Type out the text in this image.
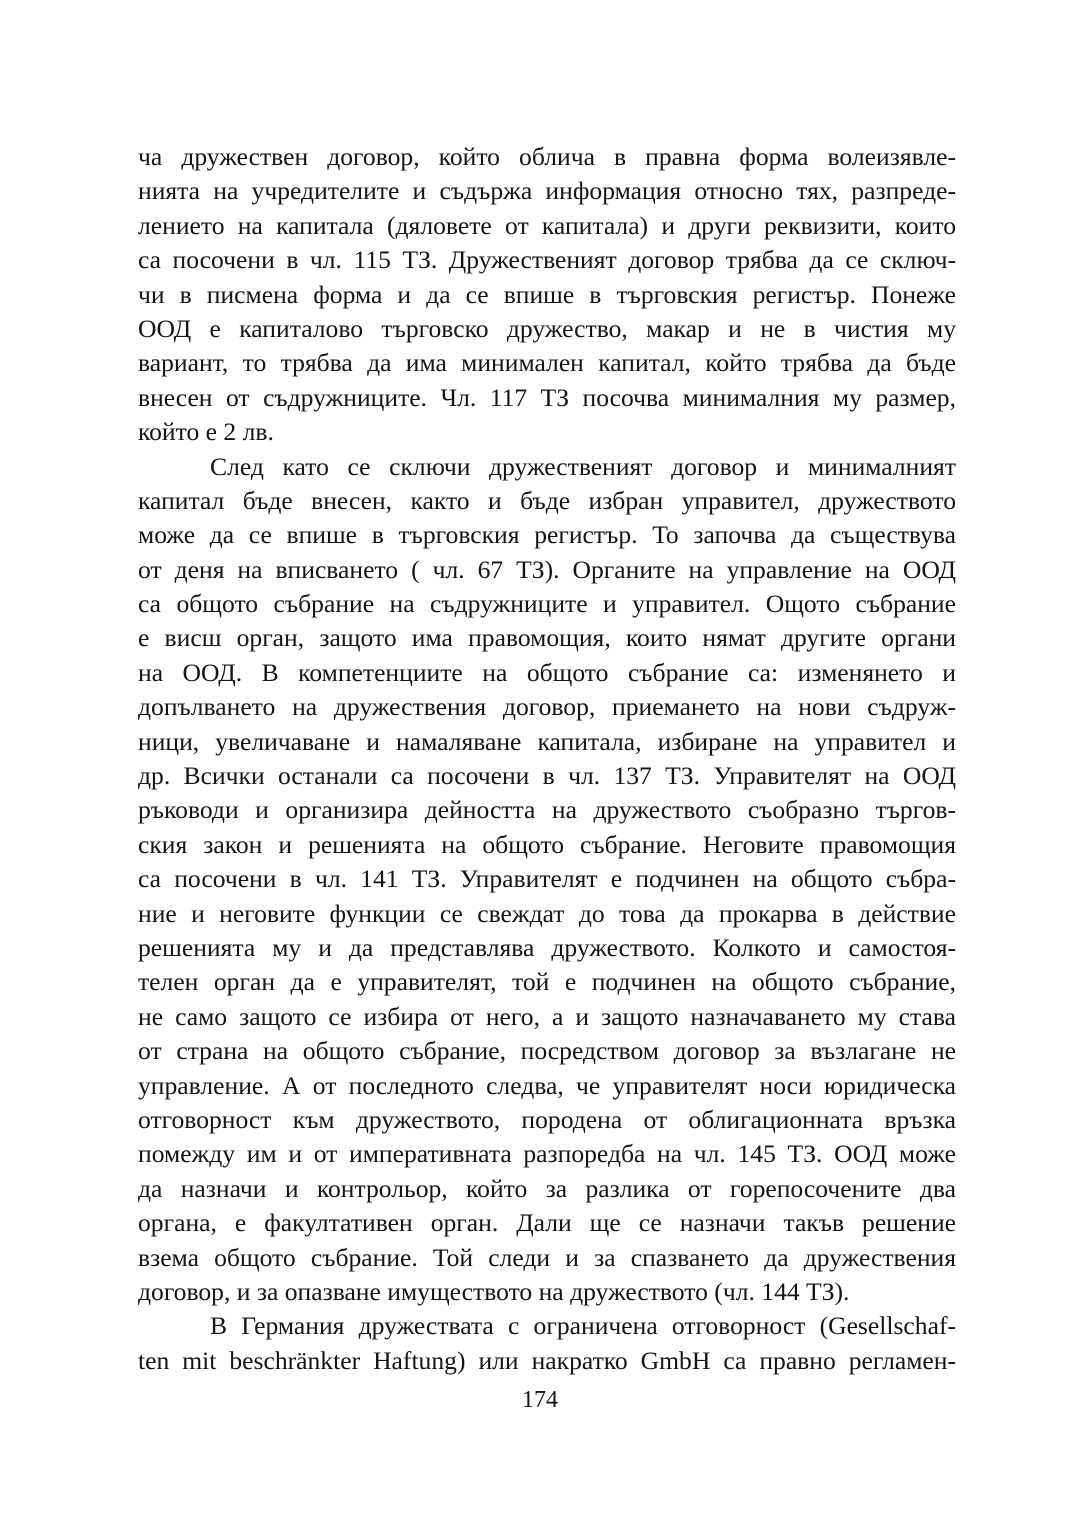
ча дружествен договор, който облича в правна форма волеизявле-
нията на учредителите и съдържа информация относно тях, разпреде-
лението на капитала (дяловете от капитала) и други реквизити, които
са посочени в чл. 115 ТЗ. Дружественият договор трябва да се сключ-
чи в писмена форма и да се впише в търговския регистър. Понеже
ООД е капиталово търговско дружество, макар и не в чистия му
вариант, то трябва да има минимален капитал, който трябва да бъде
внесен от съдружниците. Чл. 117 ТЗ посочва минималния му размер,
който е 2 лв.
След като се сключи дружественият договор и минималният
капитал бъде внесен, както и бъде избран управител, дружеството
може да се впише в търговския регистър. То започва да съществува
от деня на вписването ( чл. 67 ТЗ). Органите на управление на ООД
са общото събрание на съдружниците и управител. Ощото събрание
е висш орган, защото има правомощия, които нямат другите органи
на ООД. В компетенциите на общото събрание са: изменянето и
допълването на дружествения договор, приемането на нови съдруж-
ници, увеличаване и намаляване капитала, избиране на управител и
др. Всички останали са посочени в чл. 137 ТЗ. Управителят на ООД
ръководи и организира дейността на дружеството съобразно търгов-
ския закон и решенията на общото събрание. Неговите правомощия
са посочени в чл. 141 ТЗ. Управителят е подчинен на общото събра-
ние и неговите функции се свеждат до това да прокарва в действие
решенията му и да представлява дружеството. Колкото и самостоя-
телен орган да е управителят, той е подчинен на общото събрание,
не само защото се избира от него, а и защото назначаването му става
от страна на общото събрание, посредством договор за възлагане не
управление. А от последното следва, че управителят носи юридическа
отговорност към дружеството, породена от облигационната връзка
помежду им и от императивната разпоредба на чл. 145 ТЗ. ООД може
да назначи и контрольор, който за разлика от горепосочените два
органа, е факултативен орган. Дали ще се назначи такъв решение
взема общото събрание. Той следи и за спазването да дружествения
договор, и за опазване имуществото на дружеството (чл. 144 ТЗ).
В Германия дружествата с ограничена отговорност (Gesellschaf-
ten mit beschränkter Haftung) или накратко GmbH са правно регламен-
174
